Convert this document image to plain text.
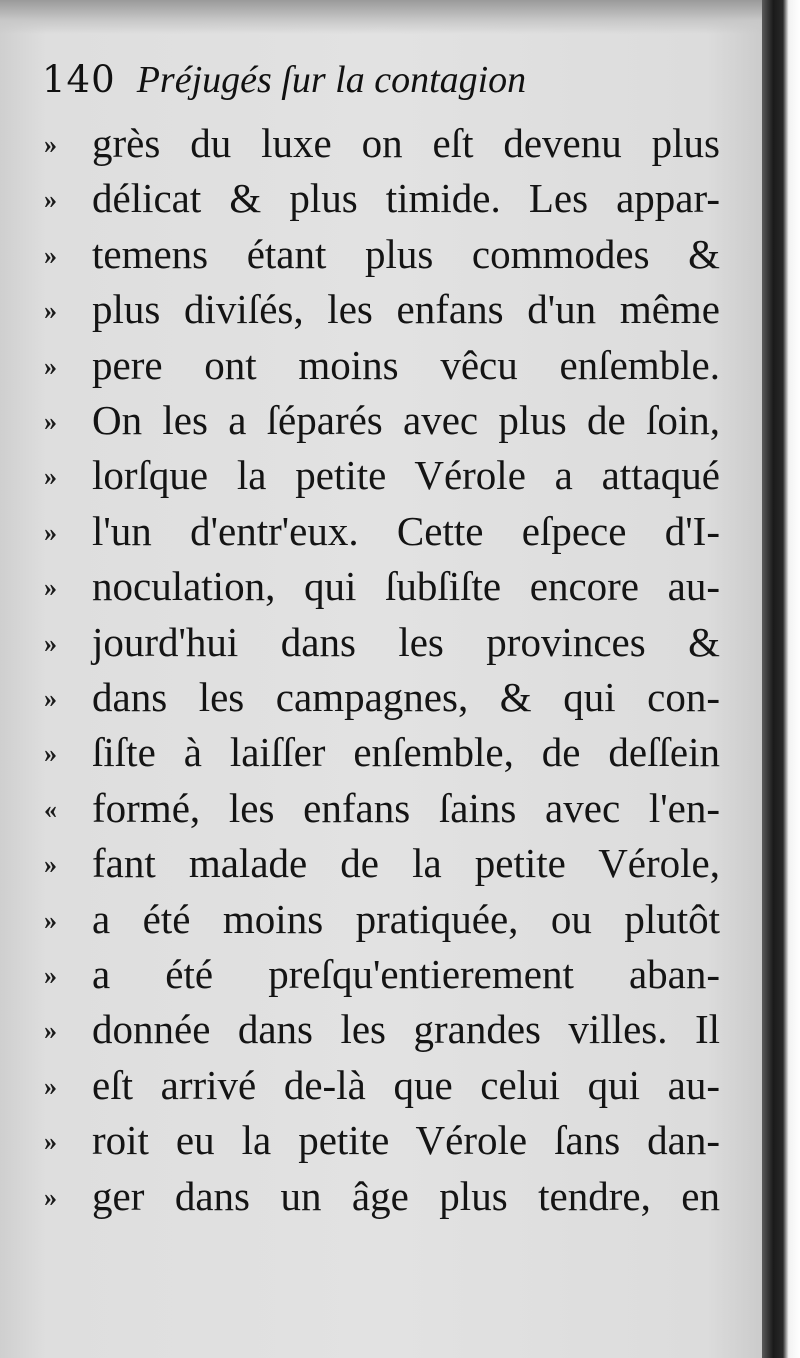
140 Préjugés ſur la contagion
» grès du luxe on eſt devenu plus
» délicat & plus timide. Les appar-
» temens étant plus commodes &
» plus diviſés, les enfans d'un même
» pere ont moins vêcu enſemble.
» On les a ſéparés avec plus de ſoin,
» lorſque la petite Vérole a attaqué
» l'un d'entr'eux. Cette eſpece d'I-
» noculation, qui ſubſiſte encore au-
» jourd'hui dans les provinces &
» dans les campagnes, & qui con-
» ſiſte à laiſſer enſemble, de deſſein
« formé, les enfans ſains avec l'en-
» fant malade de la petite Vérole,
» a été moins pratiquée, ou plutôt
» a été preſqu'entierement aban-
» donnée dans les grandes villes. Il
» eſt arrivé de-là que celui qui au-
» roit eu la petite Vérole ſans dan-
» ger dans un âge plus tendre, en
